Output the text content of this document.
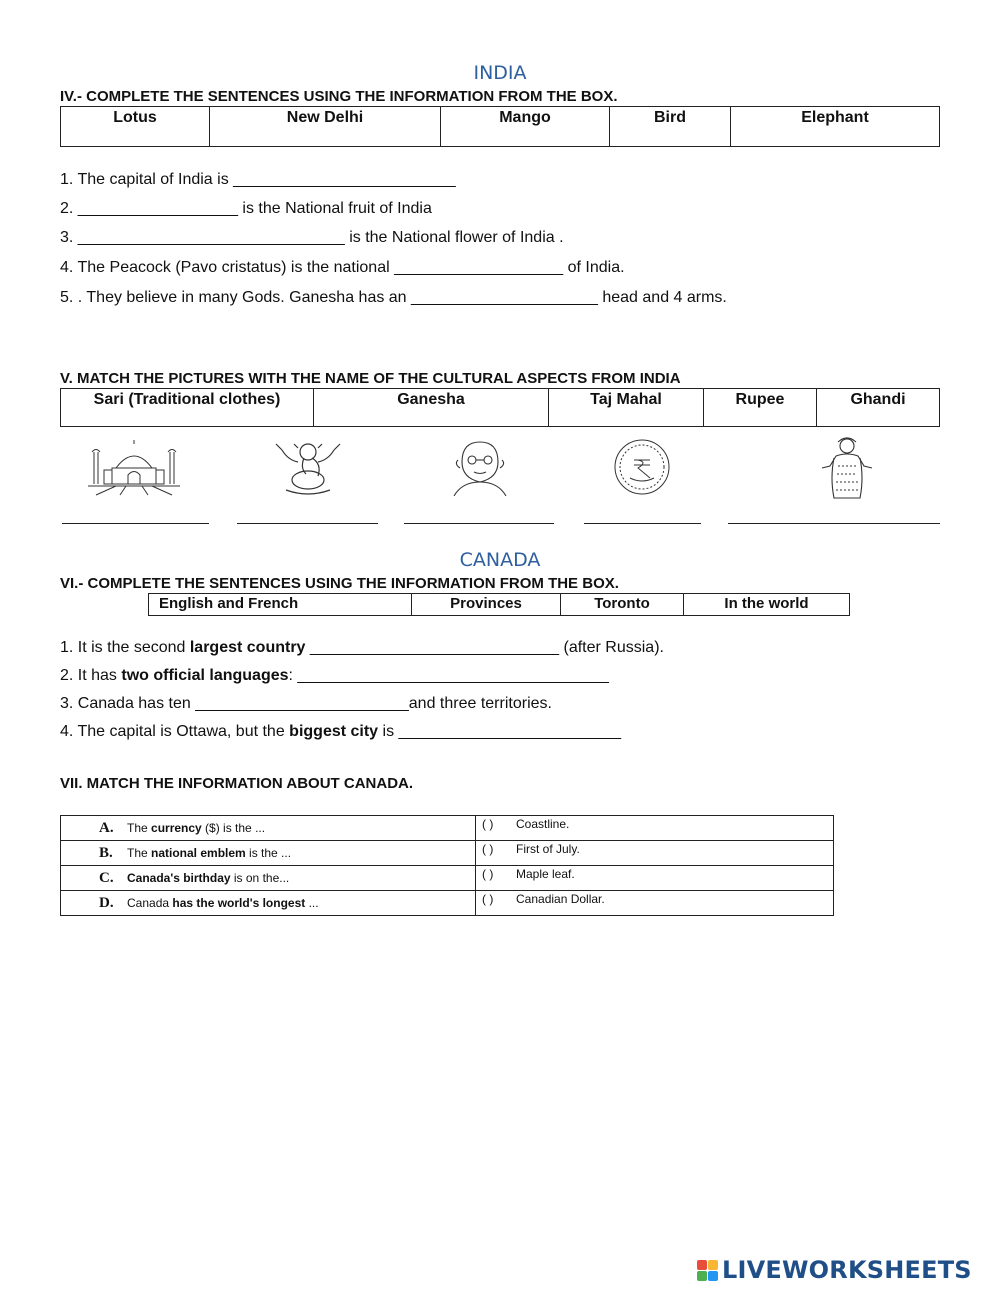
INDIA
IV.- COMPLETE THE SENTENCES USING THE INFORMATION FROM THE BOX.
Lotus	New Delhi	Mango	Bird	Elephant
1. The capital of India is _________________________
2. __________________ is the National fruit of India
3. ______________________________ is the National flower of India .
4. The Peacock (Pavo cristatus) is the national ___________________ of India.
5. . They believe in many Gods. Ganesha has an _____________________ head and 4 arms.
V. MATCH THE PICTURES WITH THE NAME OF THE CULTURAL ASPECTS FROM INDIA
Sari (Traditional clothes)	Ganesha	Taj Mahal	Rupee	Ghandi
CANADA
VI.- COMPLETE THE SENTENCES USING THE INFORMATION FROM THE BOX.
English and French	Provinces	Toronto	In the world
1. It is the second largest country ____________________________ (after Russia).
2. It has two official languages: ___________________________________
3. Canada has ten ________________________and three territories.
4. The capital is Ottawa, but the biggest city is _________________________
VII. MATCH THE INFORMATION ABOUT CANADA.
A. The currency ($) is the ...	( ) Coastline.
B. The national emblem is the ...	( ) First of July.
C. Canada's birthday is on the...	( ) Maple leaf.
D. Canada has the world's longest ...	( ) Canadian Dollar.
LIVEWORKSHEETS
